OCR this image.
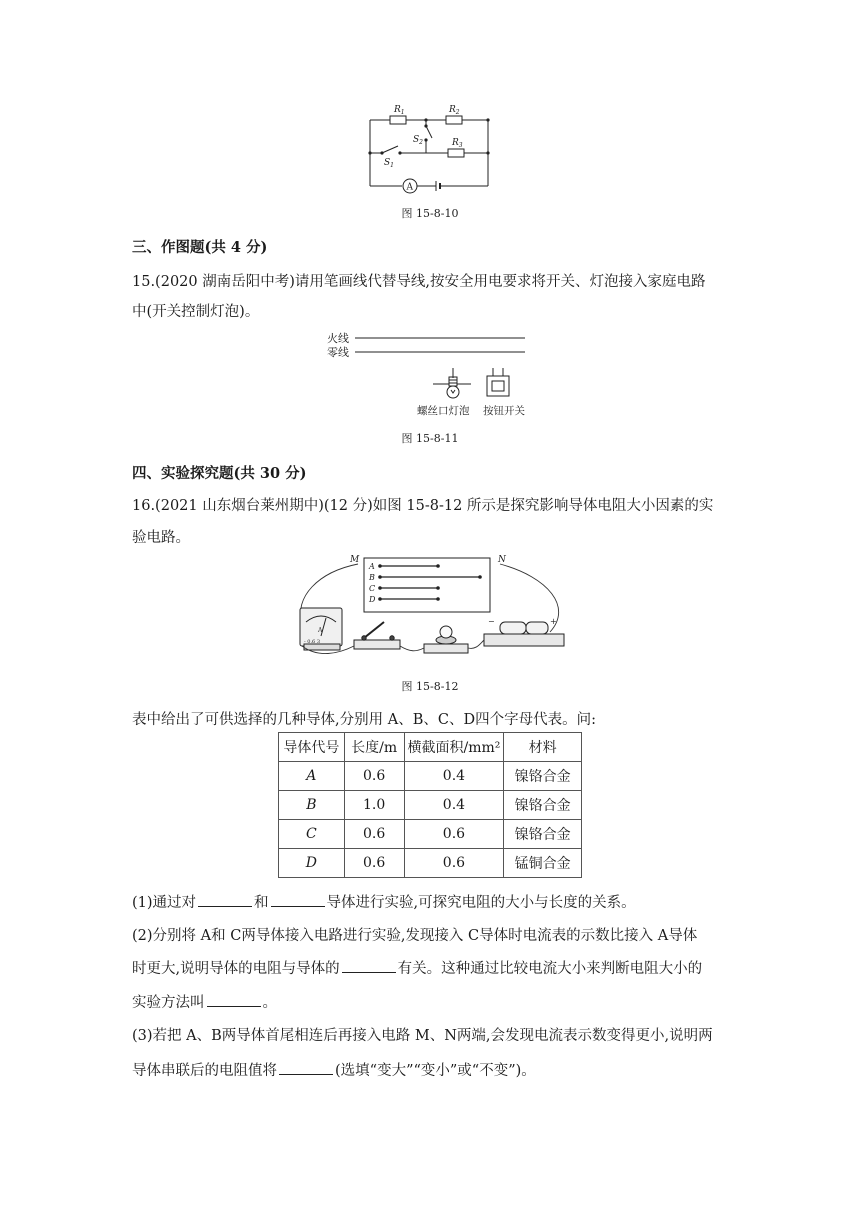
$R_1$	$R_2$
$R_3$
$S_2$
$S_1$
A
图 15-8-10
三、作图题(共 4 分)
15.(2020 湖南岳阳中考)请用笔画线代替导线,按安全用电要求将开关、灯泡接入家庭电路
中(开关控制灯泡)。
火线
零线
螺丝口灯泡 按钮开关
图 15-8-11
四、实验探究题(共 30 分)
16.(2021 山东烟台莱州期中)(12 分)如图 15-8-12 所示是探究影响导体电阻大小因素的实
验电路。
A
B
C
D
M	N
A
- 0.6 3
−	+
图 15-8-12
表中给出了可供选择的几种导体,分别用 A、B、C、D四个字母代表。问:
导体代号	长度/m	横截面积/mm²	材料
A	0.6	0.4	镍铬合金
B	1.0	0.4	镍铬合金
C	0.6	0.6	镍铬合金
D	0.6	0.6	锰铜合金
(1)通过对	和	导体进行实验,可探究电阻的大小与长度的关系。
(2)分别将 A和 C两导体接入电路进行实验,发现接入 C导体时电流表的示数比接入 A导体
时更大,说明导体的电阻与导体的	有关。这种通过比较电流大小来判断电阻大小的
实验方法叫	。
(3)若把 A、B两导体首尾相连后再接入电路 M、N两端,会发现电流表示数变得更小,说明两
导体串联后的电阻值将	(选填“变大”“变小”或“不变”)。
